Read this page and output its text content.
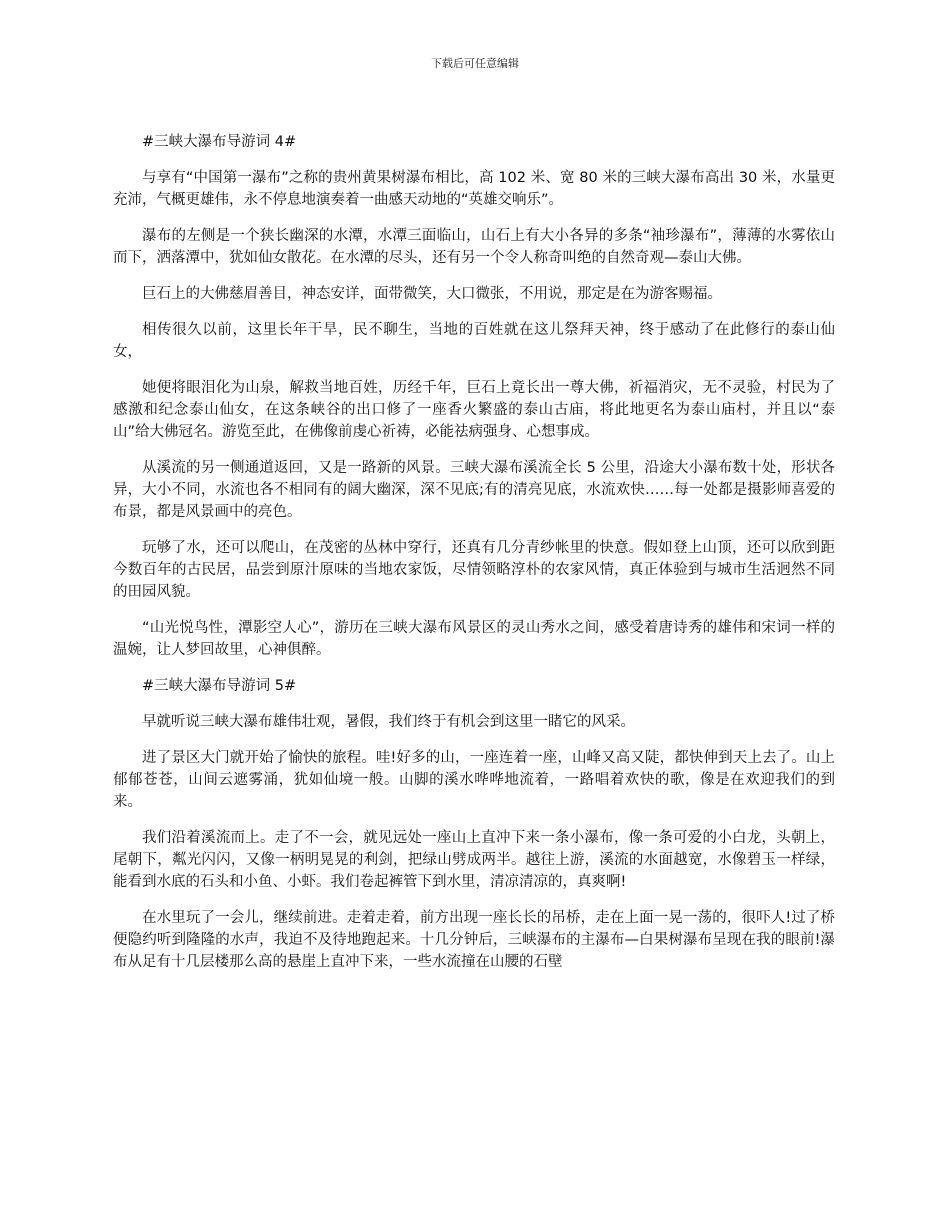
下载后可任意编辑

#三峡大瀑布导游词 4#

与享有“中国第一瀑布”之称的贵州黄果树瀑布相比，高 102 米、宽 80 米的三峡大瀑布高出 30 米，水量更充沛，气概更雄伟，永不停息地演奏着一曲感天动地的“英雄交响乐”。

瀑布的左侧是一个狭长幽深的水潭，水潭三面临山，山石上有大小各异的多条“袖珍瀑布”，薄薄的水雾依山而下，洒落潭中，犹如仙女散花。在水潭的尽头，还有另一个令人称奇叫绝的自然奇观—泰山大佛。

巨石上的大佛慈眉善目，神态安详，面带微笑，大口微张，不用说，那定是在为游客赐福。

相传很久以前，这里长年干旱，民不聊生，当地的百姓就在这儿祭拜天神，终于感动了在此修行的泰山仙女，

她便将眼泪化为山泉，解救当地百姓，历经千年，巨石上竟长出一尊大佛，祈福消灾，无不灵验，村民为了感激和纪念泰山仙女，在这条峡谷的出口修了一座香火繁盛的泰山古庙，将此地更名为泰山庙村，并且以“泰山”给大佛冠名。游览至此，在佛像前虔心祈祷，必能祛病强身、心想事成。

从溪流的另一侧通道返回，又是一路新的风景。三峡大瀑布溪流全长 5 公里，沿途大小瀑布数十处，形状各异，大小不同，水流也各不相同有的阔大幽深，深不见底;有的清亮见底，水流欢快……每一处都是摄影师喜爱的布景，都是风景画中的亮色。

玩够了水，还可以爬山，在茂密的丛林中穿行，还真有几分青纱帐里的快意。假如登上山顶，还可以欣到距今数百年的古民居，品尝到原汁原味的当地农家饭，尽情领略淳朴的农家风情，真正体验到与城市生活迥然不同的田园风貌。

“山光悦鸟性，潭影空人心”，游历在三峡大瀑布风景区的灵山秀水之间，感受着唐诗秀的雄伟和宋词一样的温婉，让人梦回故里，心神俱醉。

#三峡大瀑布导游词 5#

早就听说三峡大瀑布雄伟壮观，暑假，我们终于有机会到这里一睹它的风采。

进了景区大门就开始了愉快的旅程。哇!好多的山，一座连着一座，山峰又高又陡，都快伸到天上去了。山上郁郁苍苍，山间云遮雾涌，犹如仙境一般。山脚的溪水哗哗地流着，一路唱着欢快的歌，像是在欢迎我们的到来。

我们沿着溪流而上。走了不一会，就见远处一座山上直冲下来一条小瀑布，像一条可爱的小白龙，头朝上，尾朝下，粼光闪闪，又像一柄明晃晃的利剑，把绿山劈成两半。越往上游，溪流的水面越宽，水像碧玉一样绿，能看到水底的石头和小鱼、小虾。我们卷起裤管下到水里，清凉清凉的，真爽啊!

在水里玩了一会儿，继续前进。走着走着，前方出现一座长长的吊桥，走在上面一晃一荡的，很吓人!过了桥便隐约听到隆隆的水声，我迫不及待地跑起来。十几分钟后，三峡瀑布的主瀑布—白果树瀑布呈现在我的眼前!瀑布从足有十几层楼那么高的悬崖上直冲下来，一些水流撞在山腰的石壁
